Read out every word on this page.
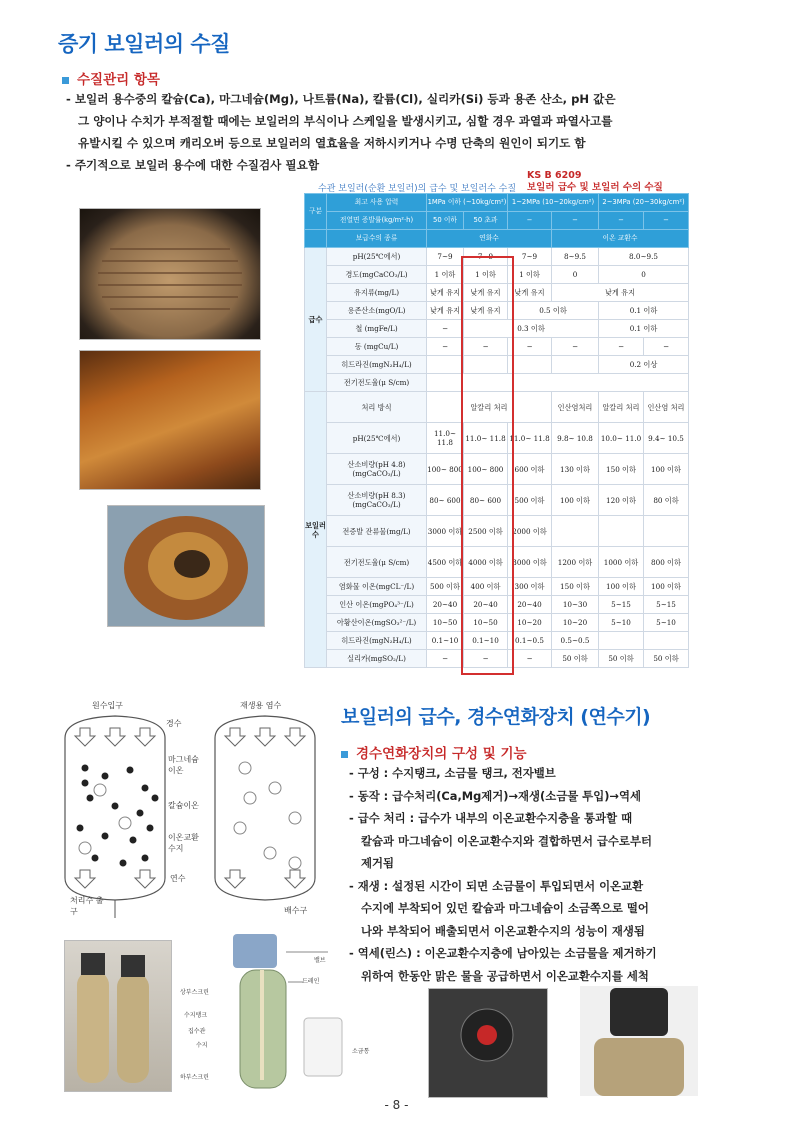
증기 보일러의 수질
수질관리 항목

- 보일러 용수중의 칼슘(Ca), 마그네슘(Mg), 나트륨(Na), 칼륨(Cl), 실리카(Si) 등과 용존 산소, pH 값은

그 양이나 수치가 부적절할 때에는 보일러의 부식이나 스케일을 발생시키고, 심할 경우 과열과 파열사고를

유발시킬 수 있으며 캐리오버 등으로 보일러의 열효율을 저하시키거나 수명 단축의 원인이 되기도 함

- 주기적으로 보일러 용수에 대한 수질검사 필요함

수관 보일러(순환 보일러)의 급수 및 보일러수 수질
KS B 6209
보일러 급수 및 보일러 수의 수질
구분	최고 사용 압력	1MPa 이하 (~10kg/cm²)		1~2MPa (10~20kg/cm²)		2~3MPa (20~30kg/cm²)	
	전열면 증발률(kg/m²·h)	50 이하	50 초과	−	−	−	−
	보급수의 종류	연화수			이온 교환수		
급수	pH(25℃에서)	7~9	7~9	7~9	8~9.5	8.0~9.5	
	경도(mgCaCO₃/L)	1 이하	1 이하	1 이하	0	0	
	유지류(mg/L)	낮게 유지	낮게 유지	낮게 유지	낮게 유지		
	용존산소(mgO/L)	낮게 유지	낮게 유지	0.5 이하		0.1 이하	
	철 (mgFe/L)	−	0.3 이하			0.1 이하	
	동 (mgCu/L)	−	−	−	−	−	−
	히드라진(mgN₂H₄/L)					0.2 이상	
	전기전도율(μ S/cm)						
보일러수	처리 방식	알칼리 처리			인산염처리	알칼리 처리	인산염 처리
	pH(25℃에서)	11.0~ 11.8	11.0~ 11.8	11.0~ 11.8	9.8~ 10.8	10.0~ 11.0	9.4~ 10.5
	산소비량(pH 4.8) (mgCaCO₃/L)	100~ 800	100~ 800	600 이하	130 이하	150 이하	100 이하
	산소비량(pH 8.3) (mgCaCO₃/L)	80~ 600	80~ 600	500 이하	100 이하	120 이하	80 이하
	전증발 잔류물(mg/L)	3000 이하	2500 이하	2000 이하			
	전기전도율(μ S/cm)	4500 이하	4000 이하	3000 이하	1200 이하	1000 이하	800 이하
	염화물 이온(mgCL⁻/L)	500 이하	400 이하	300 이하	150 이하	100 이하	100 이하
	인산 이온(mgPO₄³⁻/L)	20~40	20~40	20~40	10~30	5~15	5~15
	아황산이온(mgSO₃²⁻/L)	10~50	10~50	10~20	10~20	5~10	5~10
	히드라진(mgN₂H₄/L)	0.1~10	0.1~10	0.1~0.5	0.5~0.5		
	실리카(mgSO₂/L)	−	−	−	50 이하	50 이하	50 이하
원수입구	재생용 염수
경수
마그네슘 이온
칼슘이온
이온교환 수지
연수
처리수 출구	배수구
보일러의 급수, 경수연화장치 (연수기)
경수연화장치의 구성 및 기능

- 구성 : 수지탱크, 소금물 탱크, 전자밸브

- 동작 : 급수처리(Ca,Mg제거)→재생(소금물 투입)→역세

- 급수 처리 : 급수가 내부의 이온교환수지층을 통과할 때

칼슘과 마그네슘이 이온교환수지와 결합하면서 급수로부터

제거됨

- 재생 : 설정된 시간이 되면 소금물이 투입되면서 이온교환

수지에 부착되어 있던 칼슘과 마그네슘이 소금쪽으로 떨어

나와 부착되어 배출되면서 이온교환수지의 성능이 재생됨

- 역세(린스) : 이온교환수지층에 남아있는 소금물을 제거하기

위하여 한동안 맑은 물을 공급하면서 이온교환수지를 세척

밸브
드레인
상부스크린
수지탱크
집수관
수지
하부스크린
소금통
- 8 -
